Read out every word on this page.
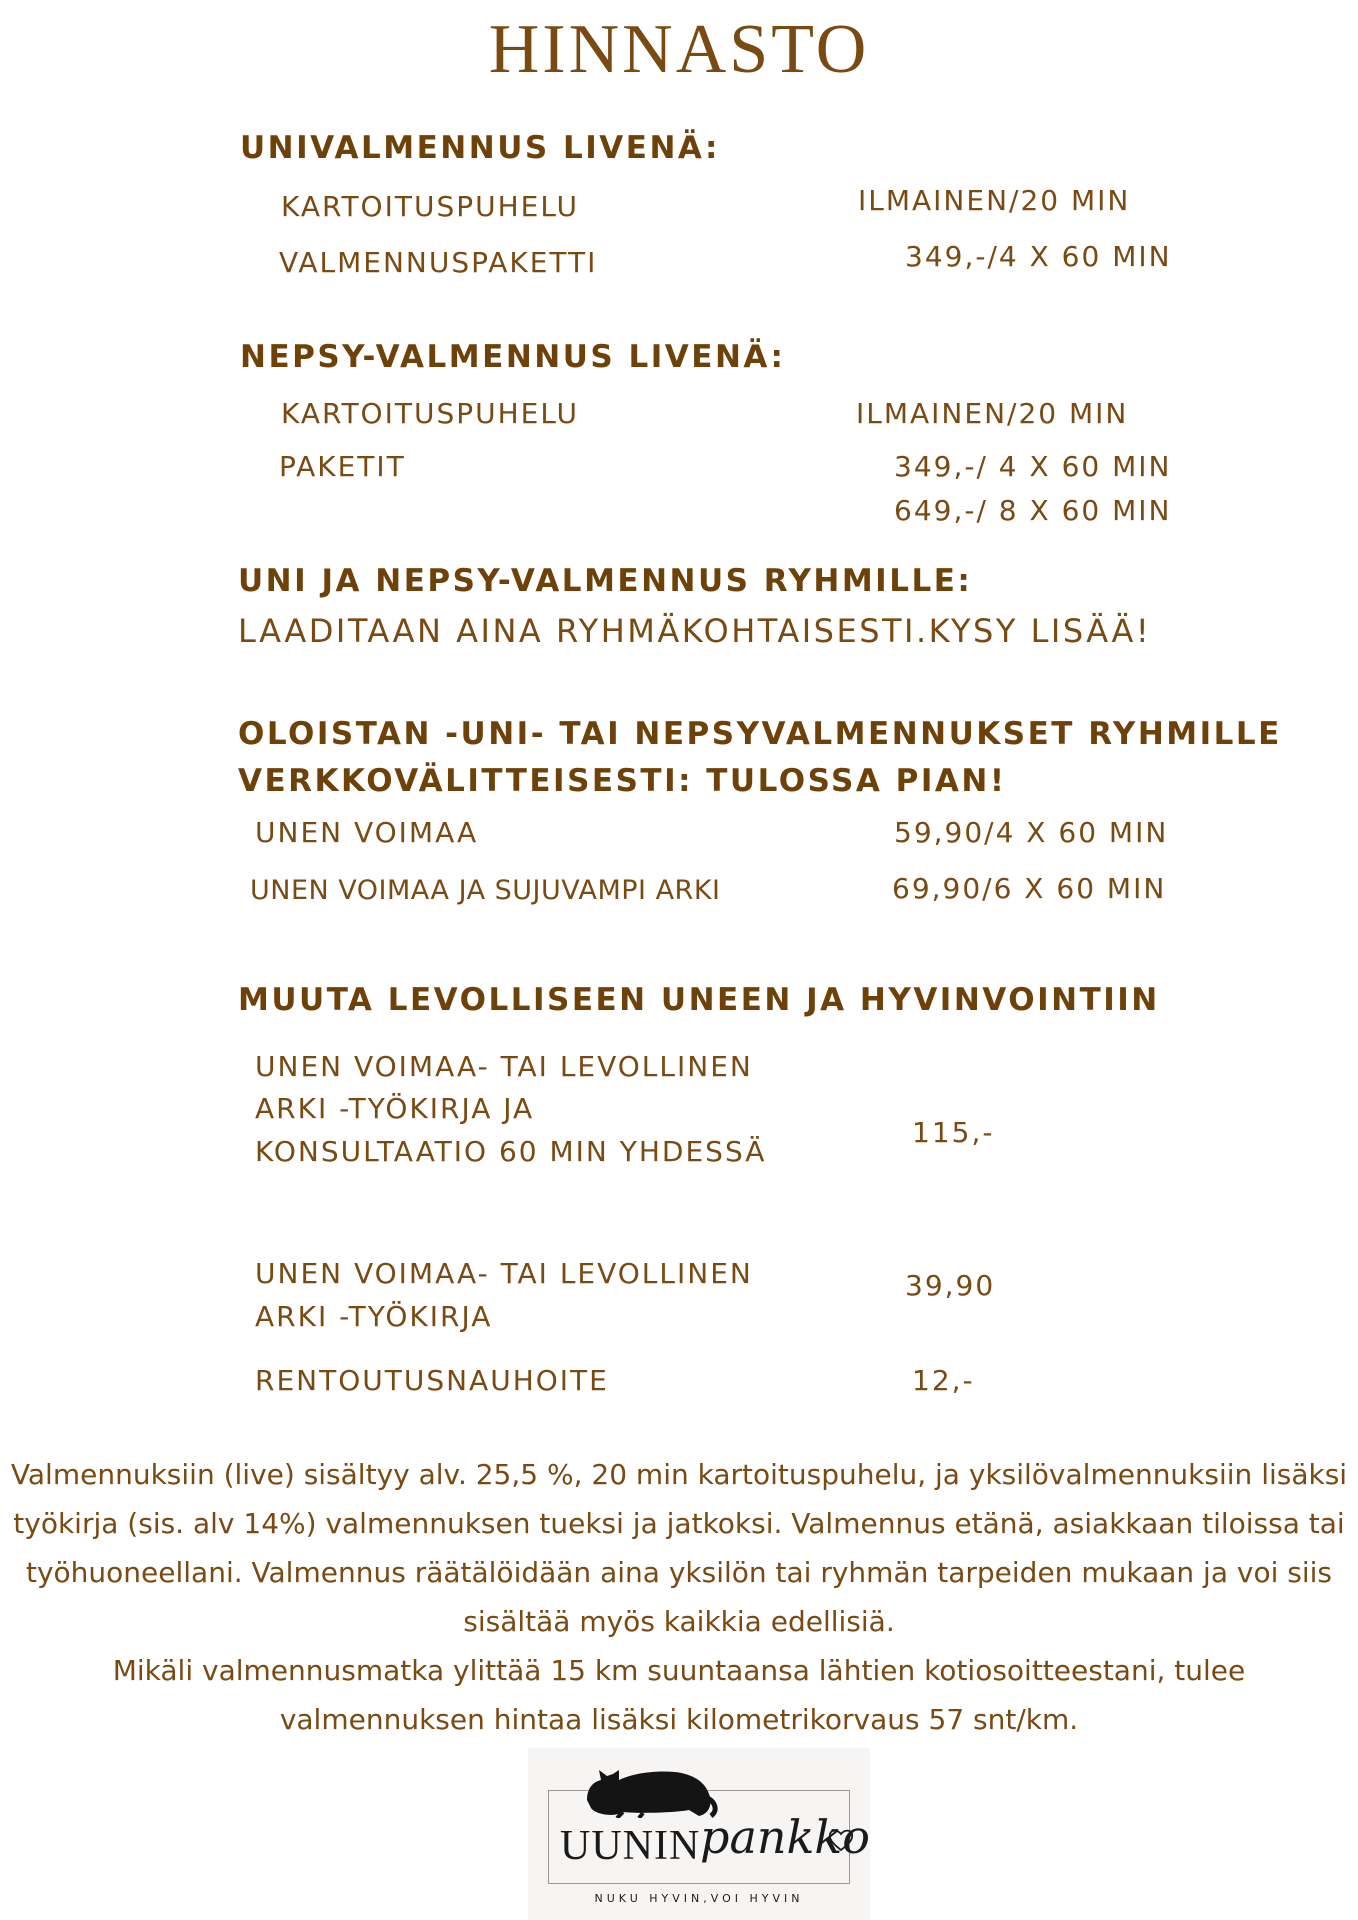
HINNASTO
UNIVALMENNUS LIVENÄ:
KARTOITUSPUHELU	ILMAINEN/20 MIN
VALMENNUSPAKETTI	349,-/4 X 60 MIN
NEPSY-VALMENNUS LIVENÄ:
KARTOITUSPUHELU	ILMAINEN/20 MIN
PAKETIT	349,-/ 4 X 60 MIN
649,-/ 8 X 60 MIN
UNI JA NEPSY-VALMENNUS RYHMILLE:
LAADITAAN AINA RYHMÄKOHTAISESTI.KYSY LISÄÄ!
OLOISTAN -UNI- TAI NEPSYVALMENNUKSET RYHMILLE
VERKKOVÄLITTEISESTI: TULOSSA PIAN!
UNEN VOIMAA	59,90/4 X 60 MIN
UNEN VOIMAA JA SUJUVAMPI ARKI	69,90/6 X 60 MIN
MUUTA LEVOLLISEEN UNEEN JA HYVINVOINTIIN
UNEN VOIMAA- TAI LEVOLLINEN
ARKI -TYÖKIRJA JA
KONSULTAATIO 60 MIN YHDESSÄ
115,-
UNEN VOIMAA- TAI LEVOLLINEN
ARKI -TYÖKIRJA
39,90
RENTOUTUSNAUHOITE	12,-

Valmennuksiin (live) sisältyy alv. 25,5 %, 20 min kartoituspuhelu, ja yksilövalmennuksiin lisäksi työkirja (sis. alv 14%) valmennuksen tueksi ja jatkoksi. Valmennus etänä, asiakkaan tiloissa tai työhuoneellani. Valmennus räätälöidään aina yksilön tai ryhmän tarpeiden mukaan ja voi siis sisältää myös kaikkia edellisiä.

Mikäli valmennusmatka ylittää 15 km suuntaansa lähtien kotiosoitteestani, tulee valmennuksen hintaa lisäksi kilometrikorvaus 57 snt/km.

UUNIN pankko
NUKU HYVIN,VOI HYVIN
